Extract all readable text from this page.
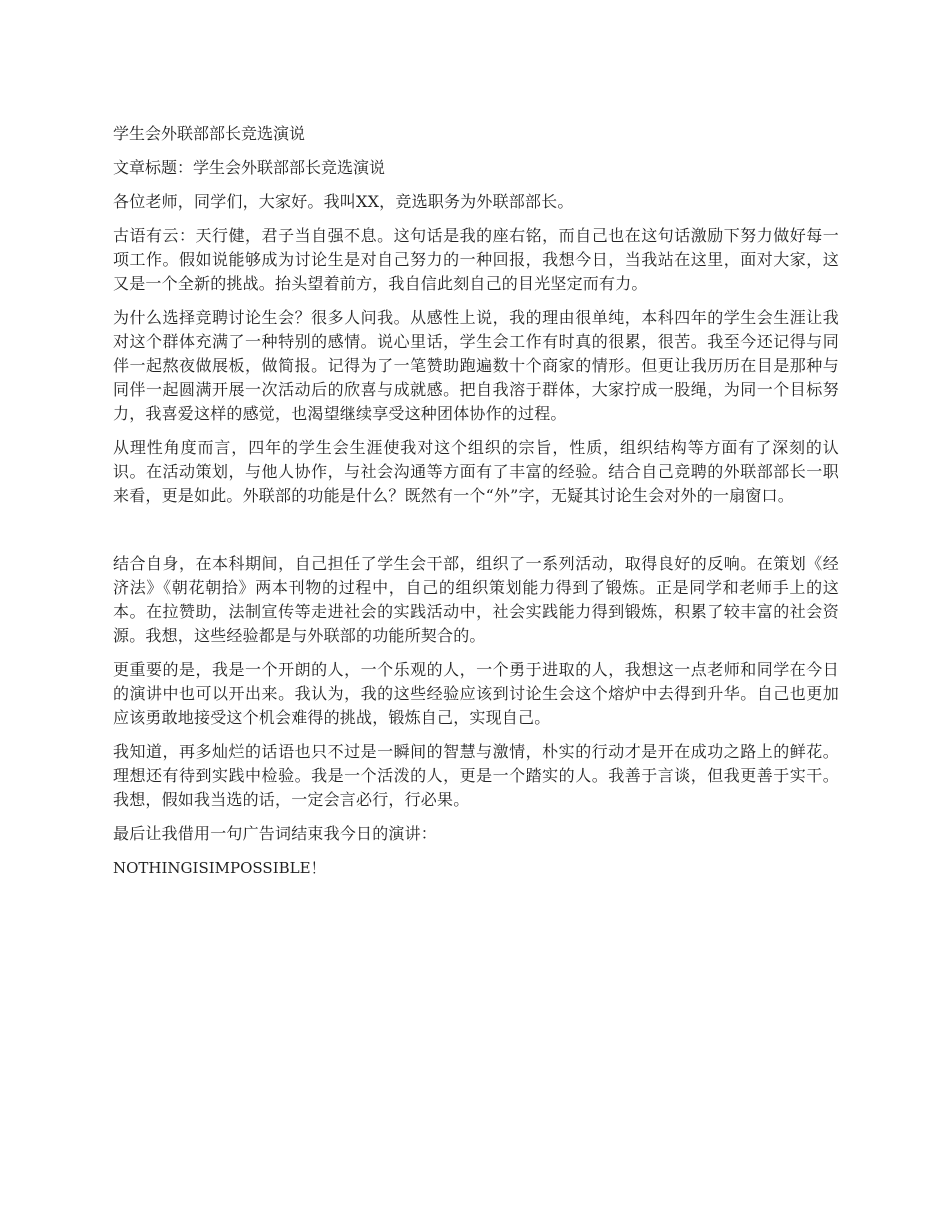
学生会外联部部长竞选演说

文章标题：学生会外联部部长竞选演说

各位老师，同学们，大家好。我叫XX，竞选职务为外联部部长。

古语有云：天行健，君子当自强不息。这句话是我的座右铭，而自己也在这句话激励下努力做好每一项工作。假如说能够成为讨论生是对自己努力的一种回报，我想今日，当我站在这里，面对大家，这又是一个全新的挑战。抬头望着前方，我自信此刻自己的目光坚定而有力。

为什么选择竞聘讨论生会？很多人问我。从感性上说，我的理由很单纯，本科四年的学生会生涯让我对这个群体充满了一种特别的感情。说心里话，学生会工作有时真的很累，很苦。我至今还记得与同伴一起熬夜做展板，做简报。记得为了一笔赞助跑遍数十个商家的情形。但更让我历历在目是那种与同伴一起圆满开展一次活动后的欣喜与成就感。把自我溶于群体，大家拧成一股绳，为同一个目标努力，我喜爱这样的感觉，也渴望继续享受这种团体协作的过程。

从理性角度而言，四年的学生会生涯使我对这个组织的宗旨，性质，组织结构等方面有了深刻的认识。在活动策划，与他人协作，与社会沟通等方面有了丰富的经验。结合自己竞聘的外联部部长一职来看，更是如此。外联部的功能是什么？既然有一个“外”字，无疑其讨论生会对外的一扇窗口。

结合自身，在本科期间，自己担任了学生会干部，组织了一系列活动，取得良好的反响。在策划《经济法》《朝花朝拾》两本刊物的过程中，自己的组织策划能力得到了锻炼。正是同学和老师手上的这本。在拉赞助，法制宣传等走进社会的实践活动中，社会实践能力得到锻炼，积累了较丰富的社会资源。我想，这些经验都是与外联部的功能所契合的。

更重要的是，我是一个开朗的人，一个乐观的人，一个勇于进取的人，我想这一点老师和同学在今日的演讲中也可以开出来。我认为，我的这些经验应该到讨论生会这个熔炉中去得到升华。自己也更加应该勇敢地接受这个机会难得的挑战，锻炼自己，实现自己。

我知道，再多灿烂的话语也只不过是一瞬间的智慧与激情，朴实的行动才是开在成功之路上的鲜花。理想还有待到实践中检验。我是一个活泼的人，更是一个踏实的人。我善于言谈，但我更善于实干。我想，假如我当选的话，一定会言必行，行必果。

最后让我借用一句广告词结束我今日的演讲：

NOTHINGISIMPOSSIBLE！
